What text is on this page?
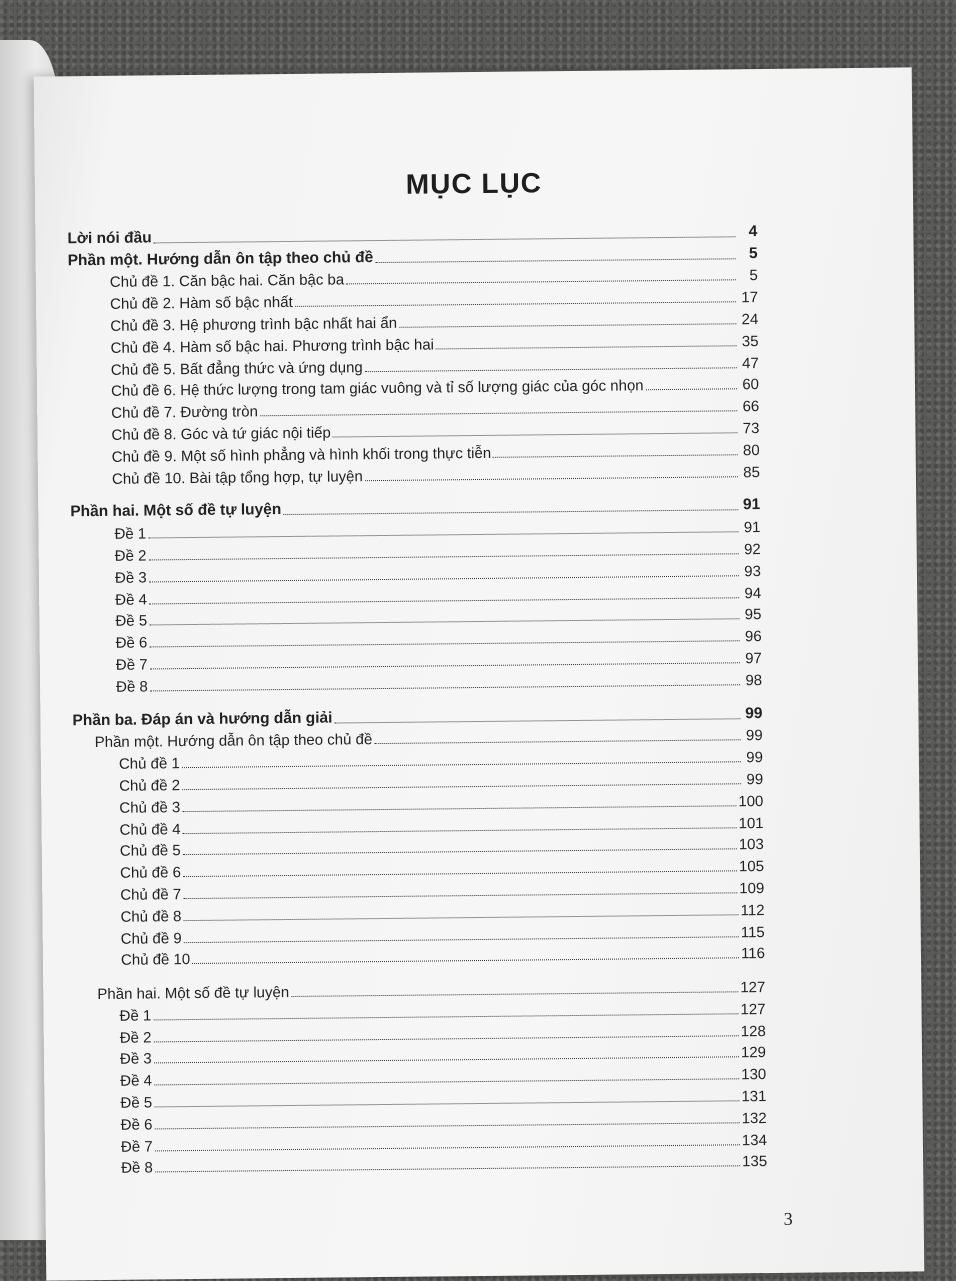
MỤC LỤC
Lời nói đầu	4
Phần một. Hướng dẫn ôn tập theo chủ đề	5
Chủ đề 1. Căn bậc hai. Căn bậc ba	5
Chủ đề 2. Hàm số bậc nhất	17
Chủ đề 3. Hệ phương trình bậc nhất hai ẩn	24
Chủ đề 4. Hàm số bậc hai. Phương trình bậc hai	35
Chủ đề 5. Bất đẳng thức và ứng dụng	47
Chủ đề 6. Hệ thức lượng trong tam giác vuông và tỉ số lượng giác của góc nhọn	60
Chủ đề 7. Đường tròn	66
Chủ đề 8. Góc và tứ giác nội tiếp	73
Chủ đề 9. Một số hình phẳng và hình khối trong thực tiễn	80
Chủ đề 10. Bài tập tổng hợp, tự luyện	85
Phần hai. Một số đề tự luyện	91
Đề 1	91
Đề 2	92
Đề 3	93
Đề 4	94
Đề 5	95
Đề 6	96
Đề 7	97
Đề 8	98
Phần ba. Đáp án và hướng dẫn giải	99
Phần một. Hướng dẫn ôn tập theo chủ đề	99
Chủ đề 1	99
Chủ đề 2	99
Chủ đề 3	100
Chủ đề 4	101
Chủ đề 5	103
Chủ đề 6	105
Chủ đề 7	109
Chủ đề 8	112
Chủ đề 9	115
Chủ đề 10	116
Phần hai. Một số đề tự luyện	127
Đề 1	127
Đề 2	128
Đề 3	129
Đề 4	130
Đề 5	131
Đề 6	132
Đề 7	134
Đề 8	135
3
